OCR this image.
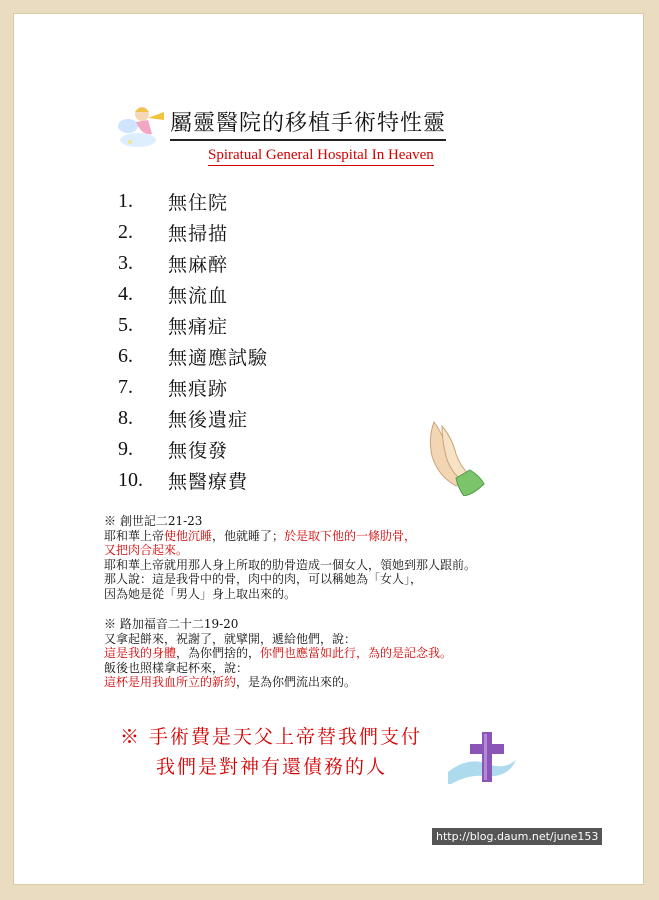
屬靈醫院的移植手術特性靈
Spiratual General Hospital In Heaven
1.	無住院
2.	無掃描
3.	無麻醉
4.	無流血
5.	無痛症
6.	無適應試驗
7.	無痕跡
8.	無後遺症
9.	無復發
10.	無醫療費
※ 創世記二21-23
耶和華上帝使他沉睡，他就睡了；於是取下他的一條肋骨，
又把肉合起來。
耶和華上帝就用那人身上所取的肋骨造成一個女人，領她到那人跟前。
那人說：這是我骨中的骨，肉中的肉，可以稱她為「女人」，
因為她是從「男人」身上取出來的。
※ 路加福音二十二19-20
又拿起餅來，祝謝了，就擘開，遞給他們，說：
這是我的身體，為你們捨的，你們也應當如此行，為的是記念我。
飯後也照樣拿起杯來，說：
這杯是用我血所立的新約，是為你們流出來的。
※ 手術費是天父上帝替我們支付
我們是對神有還債務的人
http://blog.daum.net/june153
